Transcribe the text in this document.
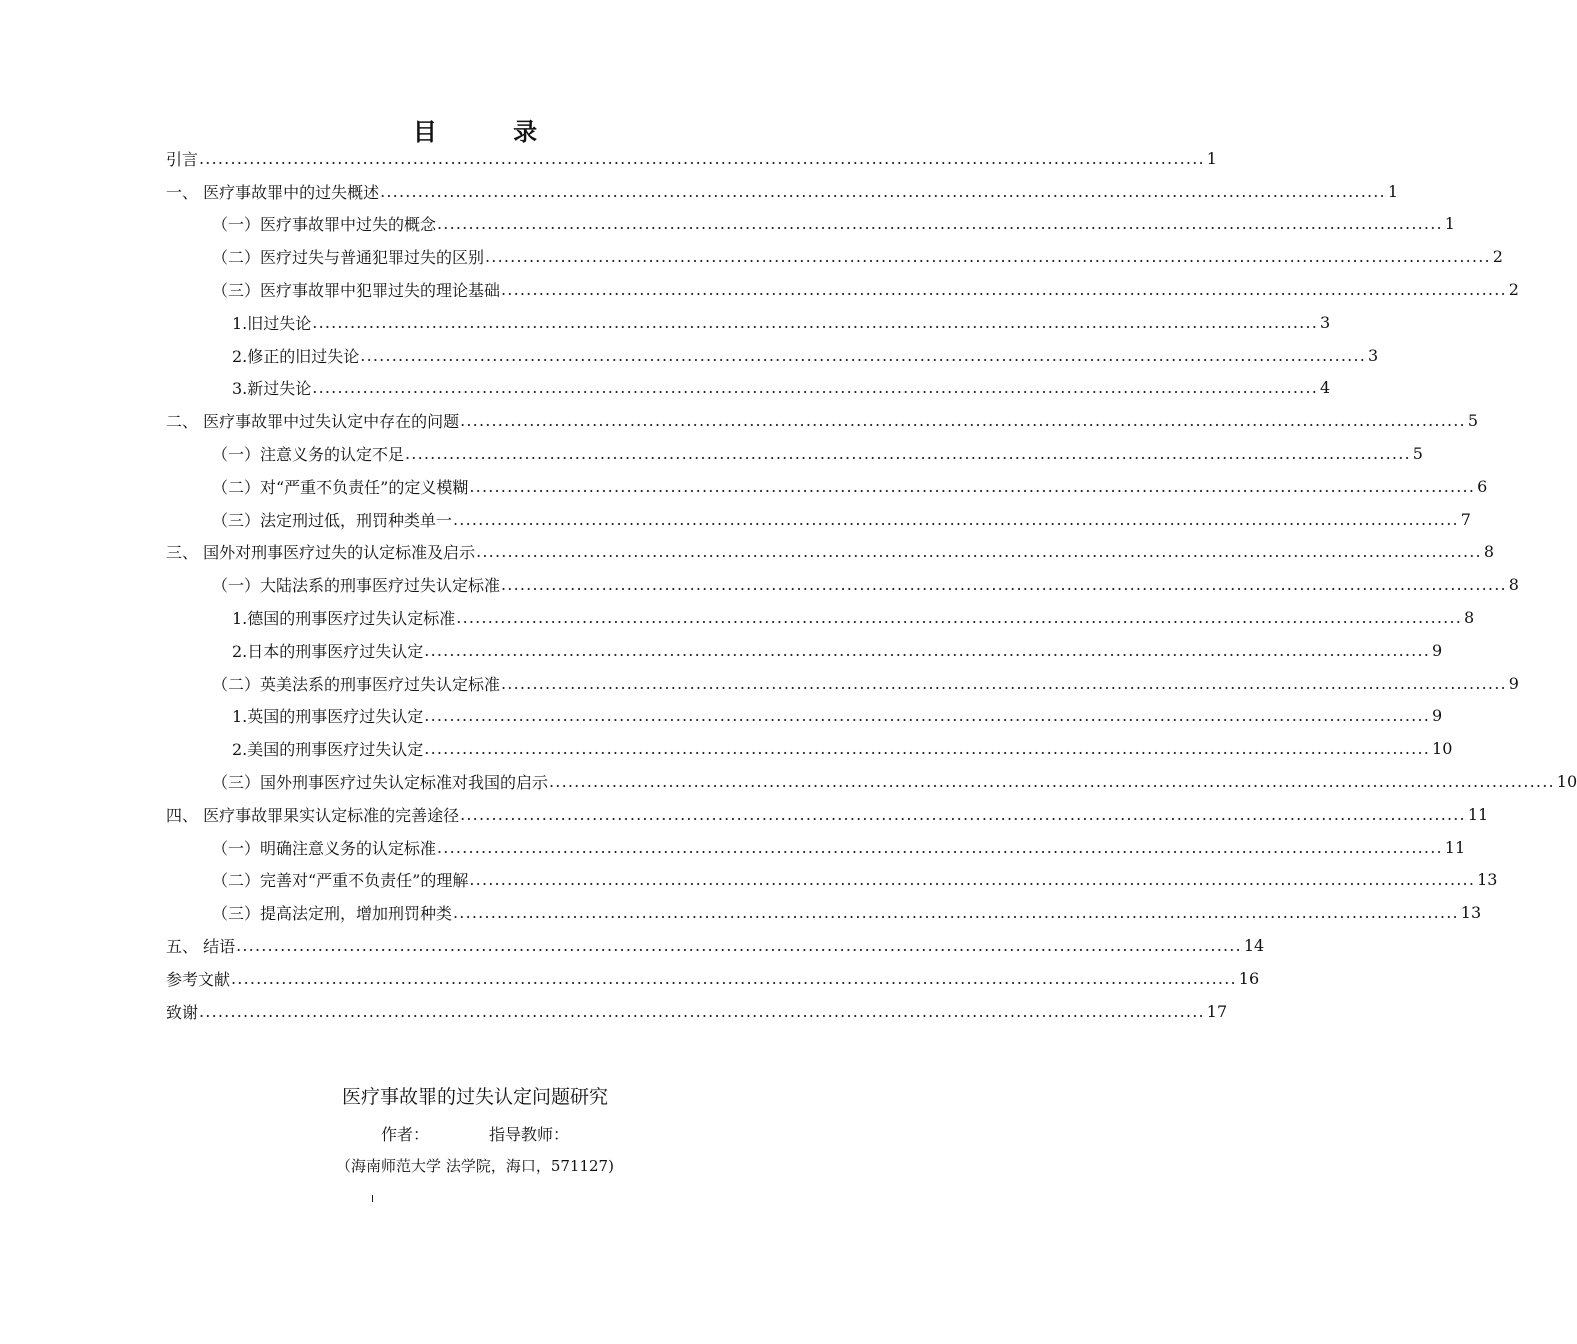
目 录
引言 ................................................................................................................................................................ 1
一、 医疗事故罪中的过失概述 ................................................................................................................................................................ 1
（一）医疗事故罪中过失的概念 ................................................................................................................................................................ 1
（二）医疗过失与普通犯罪过失的区别 ................................................................................................................................................................ 2
（三）医疗事故罪中犯罪过失的理论基础 ................................................................................................................................................................ 2
1.旧过失论 ................................................................................................................................................................ 3
2.修正的旧过失论 ................................................................................................................................................................ 3
3.新过失论 ................................................................................................................................................................ 4
二、 医疗事故罪中过失认定中存在的问题 ................................................................................................................................................................ 5
（一）注意义务的认定不足 ................................................................................................................................................................ 5
（二）对“严重不负责任”的定义模糊 ................................................................................................................................................................ 6
（三）法定刑过低，刑罚种类单一 ................................................................................................................................................................ 7
三、 国外对刑事医疗过失的认定标准及启示 ................................................................................................................................................................ 8
（一）大陆法系的刑事医疗过失认定标准 ................................................................................................................................................................ 8
1.德国的刑事医疗过失认定标准 ................................................................................................................................................................ 8
2.日本的刑事医疗过失认定 ................................................................................................................................................................ 9
（二）英美法系的刑事医疗过失认定标准 ................................................................................................................................................................ 9
1.英国的刑事医疗过失认定 ................................................................................................................................................................ 9
2.美国的刑事医疗过失认定 ................................................................................................................................................................ 10
（三）国外刑事医疗过失认定标准对我国的启示 ................................................................................................................................................................ 10
四、 医疗事故罪果实认定标准的完善途径 ................................................................................................................................................................ 11
（一）明确注意义务的认定标准 ................................................................................................................................................................ 11
（二）完善对“严重不负责任”的理解 ................................................................................................................................................................ 13
（三）提高法定刑，增加刑罚种类 ................................................................................................................................................................ 13
五、 结语 ................................................................................................................................................................ 14
参考文献 ................................................................................................................................................................ 16
致谢 ................................................................................................................................................................ 17
医疗事故罪的过失认定问题研究
作者：	指导教师：
（海南师范大学 法学院，海口，571127)
I
